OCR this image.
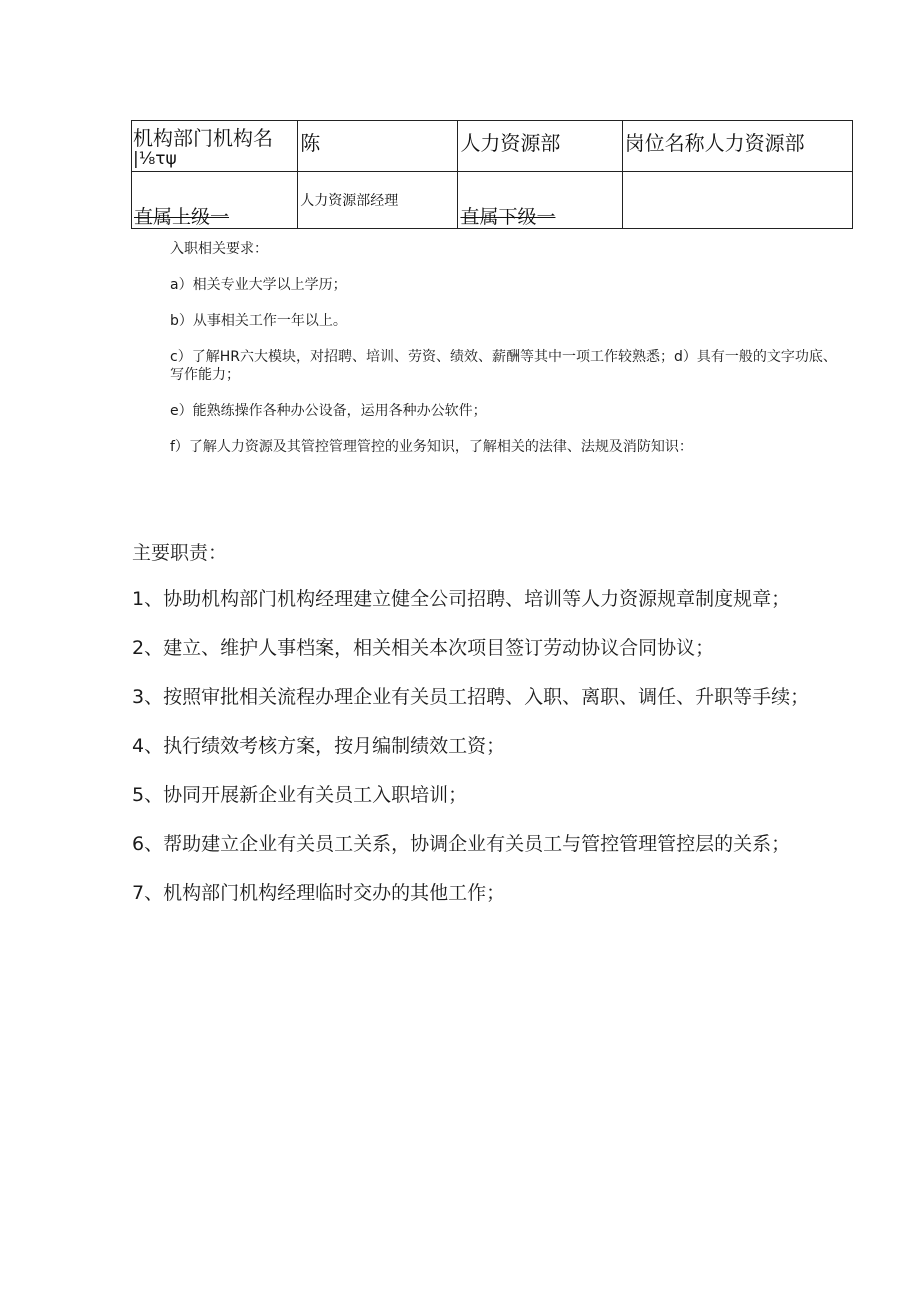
机构部门机构名
|⅛τψ	陈	人力资源部	岗位名称人力资源部

直属上级一	人力资源部经理	直属下级一	

入职相关要求：
a）相关专业大学以上学历；
b）从事相关工作一年以上。
c）了解HR六大模块，对招聘、培训、劳资、绩效、薪酬等其中一项工作较熟悉；d）具有一般的文字功底、写作能力；
e）能熟练操作各种办公设备，运用各种办公软件；
f）了解人力资源及其管控管理管控的业务知识，了解相关的法律、法规及消防知识：
主要职责：
1、协助机构部门机构经理建立健全公司招聘、培训等人力资源规章制度规章；
2、建立、维护人事档案，相关相关本次项目签订劳动协议合同协议；
3、按照审批相关流程办理企业有关员工招聘、入职、离职、调任、升职等手续；
4、执行绩效考核方案，按月编制绩效工资；
5、协同开展新企业有关员工入职培训；
6、帮助建立企业有关员工关系，协调企业有关员工与管控管理管控层的关系；
7、机构部门机构经理临时交办的其他工作；
